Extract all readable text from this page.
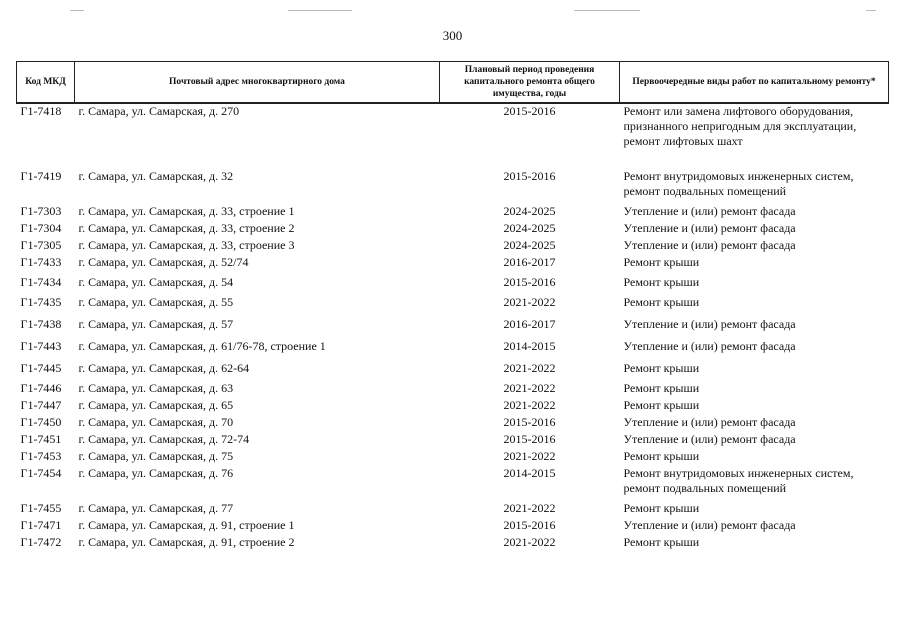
300
Код МКД	Почтовый адрес многоквартирного дома	Плановый период проведения капитального ремонта общего имущества, годы	Первоочередные виды работ по капитальному ремонту*
Г1-7418	г. Самара, ул. Самарская, д. 270	2015-2016	Ремонт или замена лифтового оборудования,
признанного непригодным для эксплуатации,
ремонт лифтовых шахт

Г1-7419	г. Самара, ул. Самарская, д. 32	2015-2016	Ремонт внутридомовых инженерных систем,
ремонт подвальных помещений

Г1-7303	г. Самара, ул. Самарская, д. 33, строение 1	2024-2025	Утепление и (или) ремонт фасада

Г1-7304	г. Самара, ул. Самарская, д. 33, строение 2	2024-2025	Утепление и (или) ремонт фасада

Г1-7305	г. Самара, ул. Самарская, д. 33, строение 3	2024-2025	Утепление и (или) ремонт фасада

Г1-7433	г. Самара, ул. Самарская, д. 52/74	2016-2017	Ремонт крыши

Г1-7434	г. Самара, ул. Самарская, д. 54	2015-2016	Ремонт крыши

Г1-7435	г. Самара, ул. Самарская, д. 55	2021-2022	Ремонт крыши

Г1-7438	г. Самара, ул. Самарская, д. 57	2016-2017	Утепление и (или) ремонт фасада

Г1-7443	г. Самара, ул. Самарская, д. 61/76-78, строение 1	2014-2015	Утепление и (или) ремонт фасада

Г1-7445	г. Самара, ул. Самарская, д. 62-64	2021-2022	Ремонт крыши

Г1-7446	г. Самара, ул. Самарская, д. 63	2021-2022	Ремонт крыши

Г1-7447	г. Самара, ул. Самарская, д. 65	2021-2022	Ремонт крыши

Г1-7450	г. Самара, ул. Самарская, д. 70	2015-2016	Утепление и (или) ремонт фасада

Г1-7451	г. Самара, ул. Самарская, д. 72-74	2015-2016	Утепление и (или) ремонт фасада

Г1-7453	г. Самара, ул. Самарская, д. 75	2021-2022	Ремонт крыши

Г1-7454	г. Самара, ул. Самарская, д. 76	2014-2015	Ремонт внутридомовых инженерных систем,
ремонт подвальных помещений

Г1-7455	г. Самара, ул. Самарская, д. 77	2021-2022	Ремонт крыши

Г1-7471	г. Самара, ул. Самарская, д. 91, строение 1	2015-2016	Утепление и (или) ремонт фасада

Г1-7472	г. Самара, ул. Самарская, д. 91, строение 2	2021-2022	Ремонт крыши
